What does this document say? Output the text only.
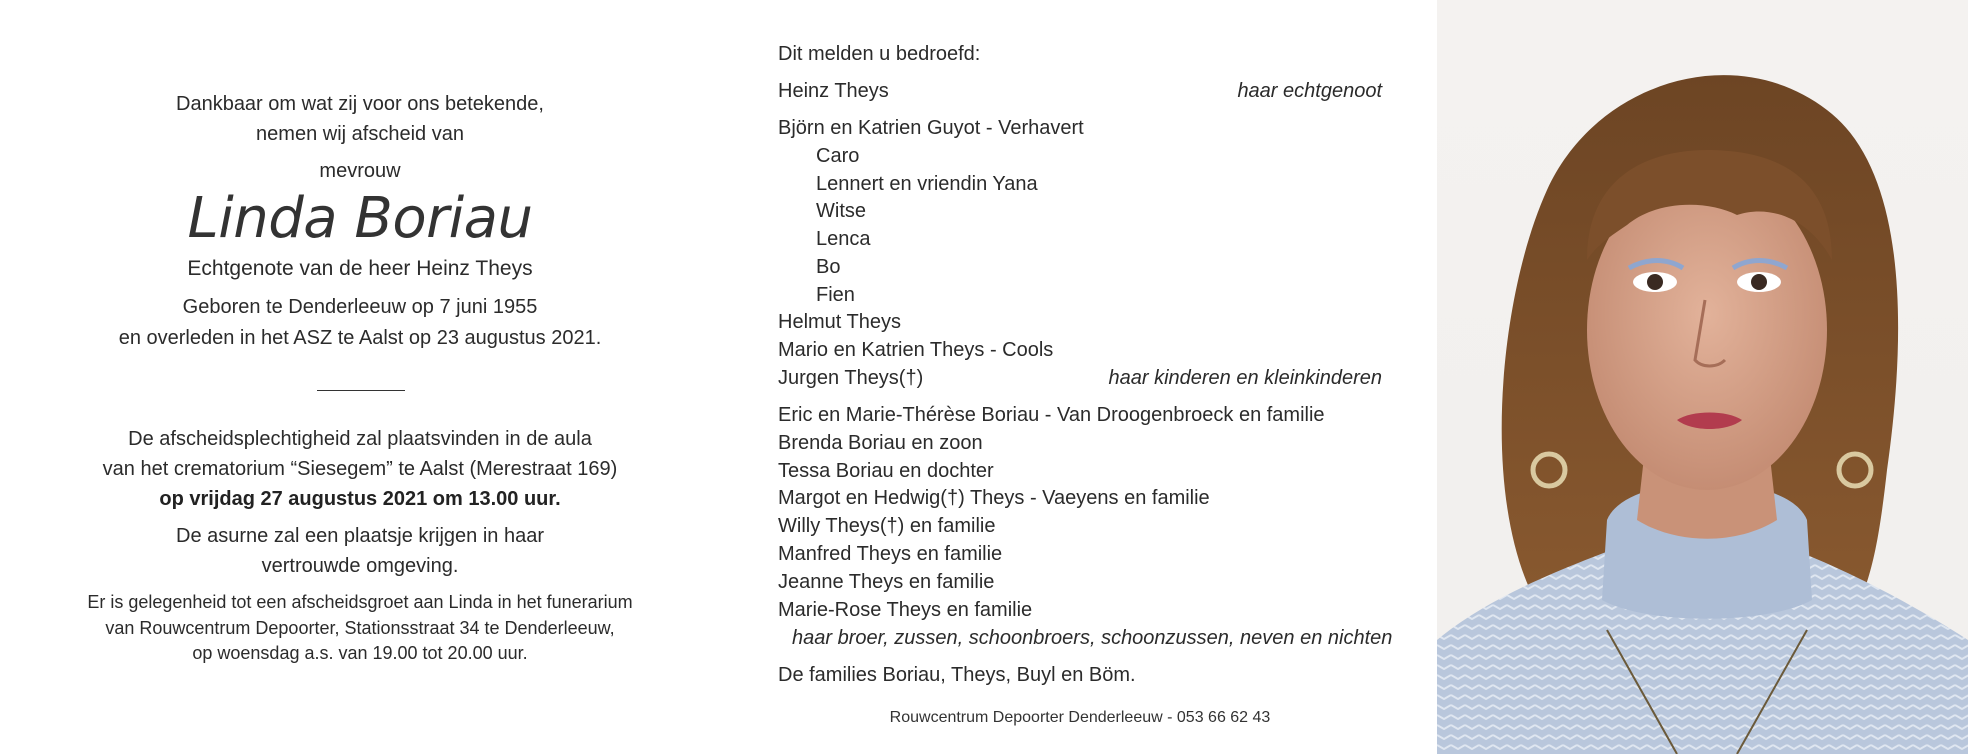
Dankbaar om wat zij voor ons betekende,
nemen wij afscheid van
mevrouw
Linda Boriau
Echtgenote van de heer Heinz Theys
Geboren te Denderleeuw op 7 juni 1955
en overleden in het ASZ te Aalst op 23 augustus 2021.
De afscheidsplechtigheid zal plaatsvinden in de aula
van het crematorium “Siesegem” te Aalst (Merestraat 169)
op vrijdag 27 augustus 2021 om 13.00 uur.
De asurne zal een plaatsje krijgen in haar
vertrouwde omgeving.
Er is gelegenheid tot een afscheidsgroet aan Linda in het funerarium
van Rouwcentrum Depoorter, Stationsstraat 34 te Denderleeuw,
op woensdag a.s. van 19.00 tot 20.00 uur.
Dit melden u bedroefd:
Heinz Theys	haar echtgenoot
Björn en Katrien Guyot - Verhavert
Caro
Lennert en vriendin Yana
Witse
Lenca
Bo
Fien
Helmut Theys
Mario en Katrien Theys - Cools
Jurgen Theys(†)	haar kinderen en kleinkinderen
Eric en Marie-Thérèse Boriau - Van Droogenbroeck en familie
Brenda Boriau en zoon
Tessa Boriau en dochter
Margot en Hedwig(†) Theys - Vaeyens en familie
Willy Theys(†) en familie
Manfred Theys en familie
Jeanne Theys en familie
Marie-Rose Theys en familie
haar broer, zussen, schoonbroers, schoonzussen, neven en nichten
De families Boriau, Theys, Buyl en Böm.
Rouwcentrum Depoorter Denderleeuw - 053 66 62 43
